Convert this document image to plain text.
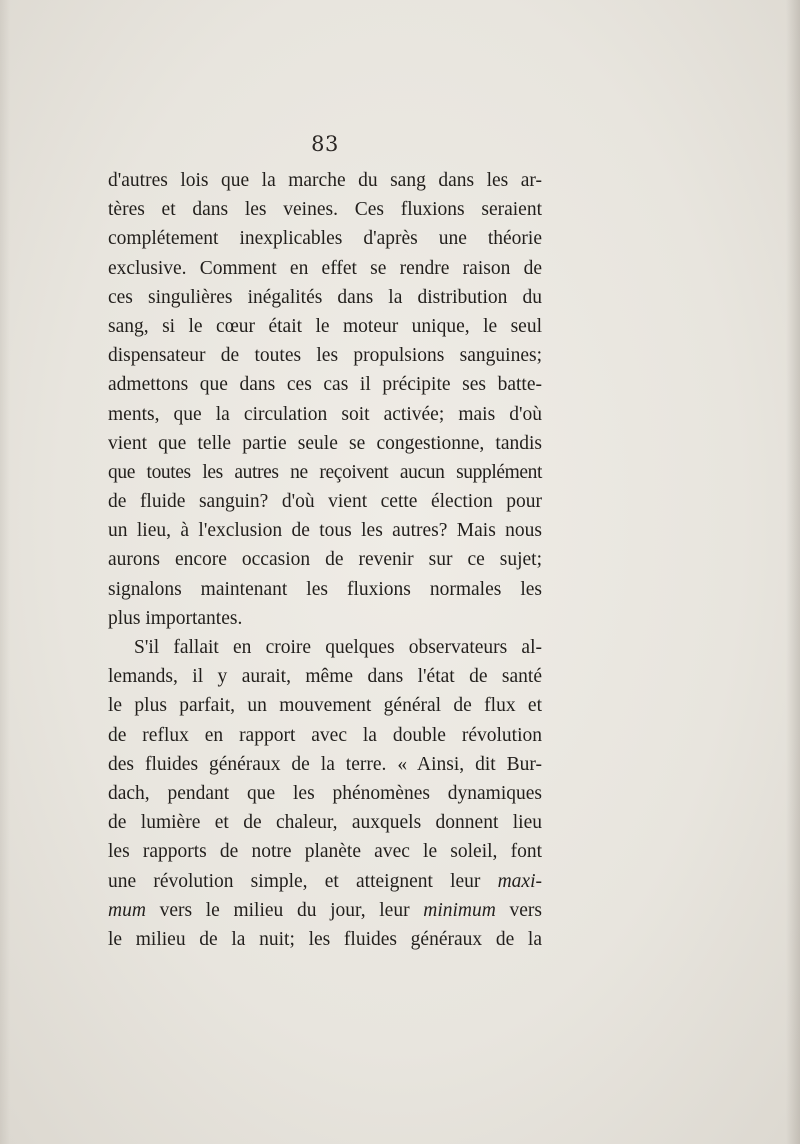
83
d'autres lois que la marche du sang dans les ar-
tères et dans les veines. Ces fluxions seraient
complétement inexplicables d'après une théorie
exclusive. Comment en effet se rendre raison de
ces singulières inégalités dans la distribution du
sang, si le cœur était le moteur unique, le seul
dispensateur de toutes les propulsions sanguines;
admettons que dans ces cas il précipite ses batte-
ments, que la circulation soit activée; mais d'où
vient que telle partie seule se congestionne, tandis
que toutes les autres ne reçoivent aucun supplément
de fluide sanguin? d'où vient cette élection pour
un lieu, à l'exclusion de tous les autres? Mais nous
aurons encore occasion de revenir sur ce sujet;
signalons maintenant les fluxions normales les
plus importantes.
S'il fallait en croire quelques observateurs al-
lemands, il y aurait, même dans l'état de santé
le plus parfait, un mouvement général de flux et
de reflux en rapport avec la double révolution
des fluides généraux de la terre. « Ainsi, dit Bur-
dach, pendant que les phénomènes dynamiques
de lumière et de chaleur, auxquels donnent lieu
les rapports de notre planète avec le soleil, font
une révolution simple, et atteignent leur maxi-
mum vers le milieu du jour, leur minimum vers
le milieu de la nuit; les fluides généraux de la
